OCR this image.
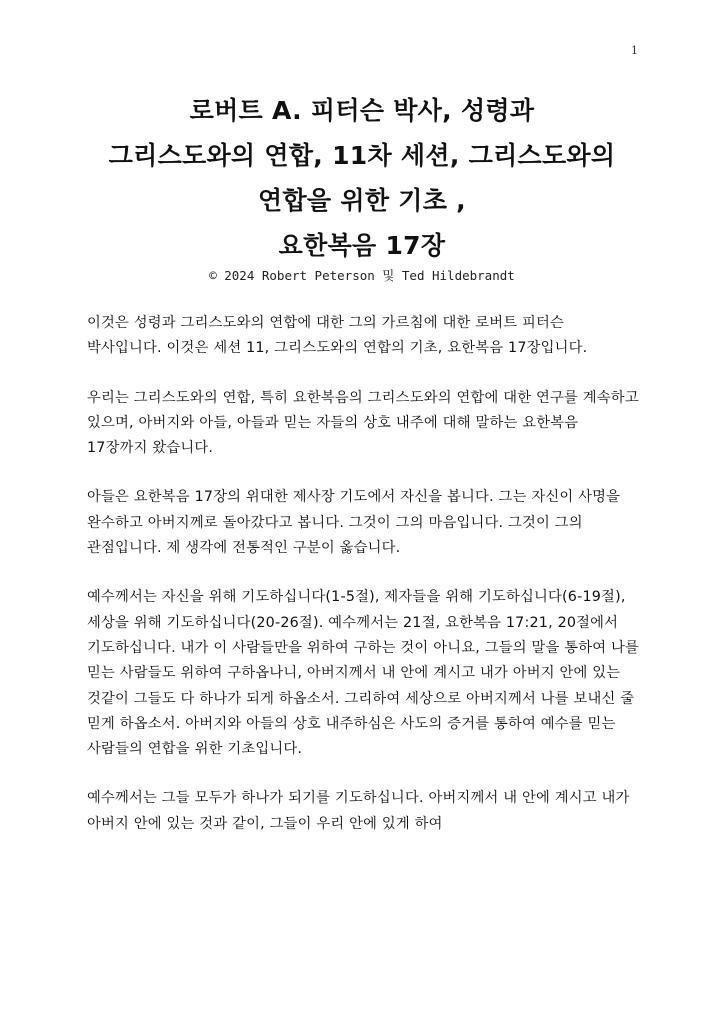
1
로버트 A. 피터슨 박사, 성령과
그리스도와의 연합, 11차 세션, 그리스도와의
연합을 위한 기초 ,
요한복음 17장
© 2024 Robert Peterson 및 Ted Hildebrandt

이것은 성령과 그리스도와의 연합에 대한 그의 가르침에 대한 로버트 피터슨 박사입니다. 이것은 세션 11, 그리스도와의 연합의 기초, 요한복음 17장입니다.

우리는 그리스도와의 연합, 특히 요한복음의 그리스도와의 연합에 대한 연구를 계속하고 있으며, 아버지와 아들, 아들과 믿는 자들의 상호 내주에 대해 말하는 요한복음 17장까지 왔습니다.

아들은 요한복음 17장의 위대한 제사장 기도에서 자신을 봅니다. 그는 자신이 사명을 완수하고 아버지께로 돌아갔다고 봅니다. 그것이 그의 마음입니다. 그것이 그의 관점입니다. 제 생각에 전통적인 구분이 옳습니다.

예수께서는 자신을 위해 기도하십니다(1-5절), 제자들을 위해 기도하십니다(6-19절), 세상을 위해 기도하십니다(20-26절). 예수께서는 21절, 요한복음 17:21, 20절에서 기도하십니다. 내가 이 사람들만을 위하여 구하는 것이 아니요, 그들의 말을 통하여 나를 믿는 사람들도 위하여 구하옵나니, 아버지께서 내 안에 계시고 내가 아버지 안에 있는 것같이 그들도 다 하나가 되게 하옵소서. 그리하여 세상으로 아버지께서 나를 보내신 줄 믿게 하옵소서. 아버지와 아들의 상호 내주하심은 사도의 증거를 통하여 예수를 믿는 사람들의 연합을 위한 기초입니다.

예수께서는 그들 모두가 하나가 되기를 기도하십니다. 아버지께서 내 안에 계시고 내가 아버지 안에 있는 것과 같이, 그들이 우리 안에 있게 하여
